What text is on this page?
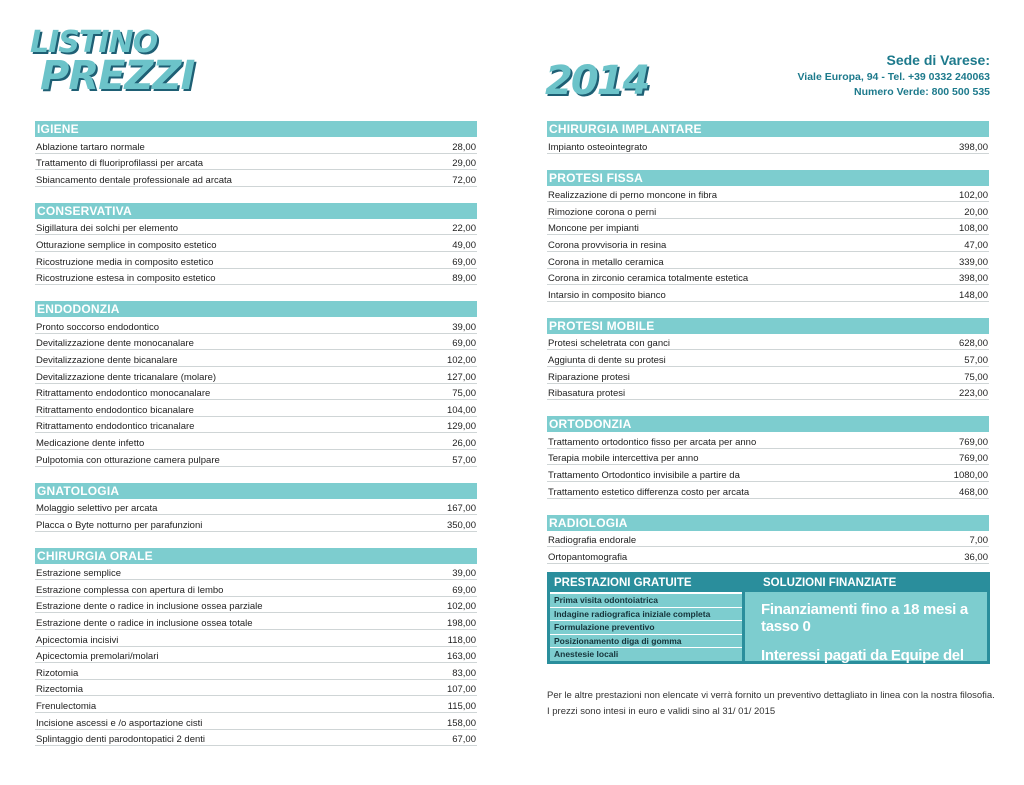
LISTINO
PREZZI	2014	Sede di Varese:
Viale Europa, 94 - Tel. +39 0332 240063
Numero Verde: 800 500 535
IGIENE
Ablazione tartaro normale	28,00
Trattamento di fluoriprofilassi per arcata	29,00
Sbiancamento dentale professionale ad arcata	72,00
CONSERVATIVA
Sigillatura dei solchi per elemento	22,00
Otturazione semplice in composito estetico	49,00
Ricostruzione media in composito estetico	69,00
Ricostruzione estesa in composito estetico	89,00
ENDODONZIA
Pronto soccorso endodontico	39,00
Devitalizzazione dente monocanalare	69,00
Devitalizzazione dente bicanalare	102,00
Devitalizzazione dente tricanalare (molare)	127,00
Ritrattamento endodontico monocanalare	75,00
Ritrattamento endodontico bicanalare	104,00
Ritrattamento endodontico tricanalare	129,00
Medicazione dente infetto	26,00
Pulpotomia con otturazione camera pulpare	57,00
GNATOLOGIA
Molaggio selettivo per arcata	167,00
Placca o Byte notturno per parafunzioni	350,00
CHIRURGIA ORALE
Estrazione semplice	39,00
Estrazione complessa con apertura di lembo	69,00
Estrazione dente o radice in inclusione ossea parziale	102,00
Estrazione dente o radice in inclusione ossea totale	198,00
Apicectomia incisivi	118,00
Apicectomia premolari/molari	163,00
Rizotomia	83,00
Rizectomia	107,00
Frenulectomia	115,00
Incisione ascessi e /o asportazione cisti	158,00
Splintaggio denti parodontopatici 2 denti	67,00
CHIRURGIA IMPLANTARE
Impianto osteointegrato	398,00
PROTESI FISSA
Realizzazione di perno moncone in fibra	102,00
Rimozione corona o perni	20,00
Moncone per impianti	108,00
Corona provvisoria in resina	47,00
Corona in metallo ceramica	339,00
Corona in zirconio ceramica totalmente estetica	398,00
Intarsio in composito bianco	148,00
PROTESI MOBILE
Protesi scheletrata con ganci	628,00
Aggiunta di dente su protesi	57,00
Riparazione protesi	75,00
Ribasatura protesi	223,00
ORTODONZIA
Trattamento ortodontico fisso per arcata per anno	769,00
Terapia mobile intercettiva per anno	769,00
Trattamento Ortodontico invisibile a partire da	1080,00
Trattamento estetico differenza costo per arcata	468,00
RADIOLOGIA
Radiografia endorale	7,00
Ortopantomografia	36,00
PRESTAZIONI GRATUITE
Prima visita odontoiatrica
Indagine radiografica iniziale completa
Formulazione preventivo
Posizionamento diga di gomma
Anestesie locali
SOLUZIONI FINANZIATE
Finanziamenti fino a 18 mesi a tasso 0
Interessi pagati da Equipe del Sorriso
Per le altre prestazioni non elencate vi verrà fornito un preventivo dettagliato in linea con la nostra filosofia.
I prezzi sono intesi in euro e validi sino al 31/ 01/ 2015
